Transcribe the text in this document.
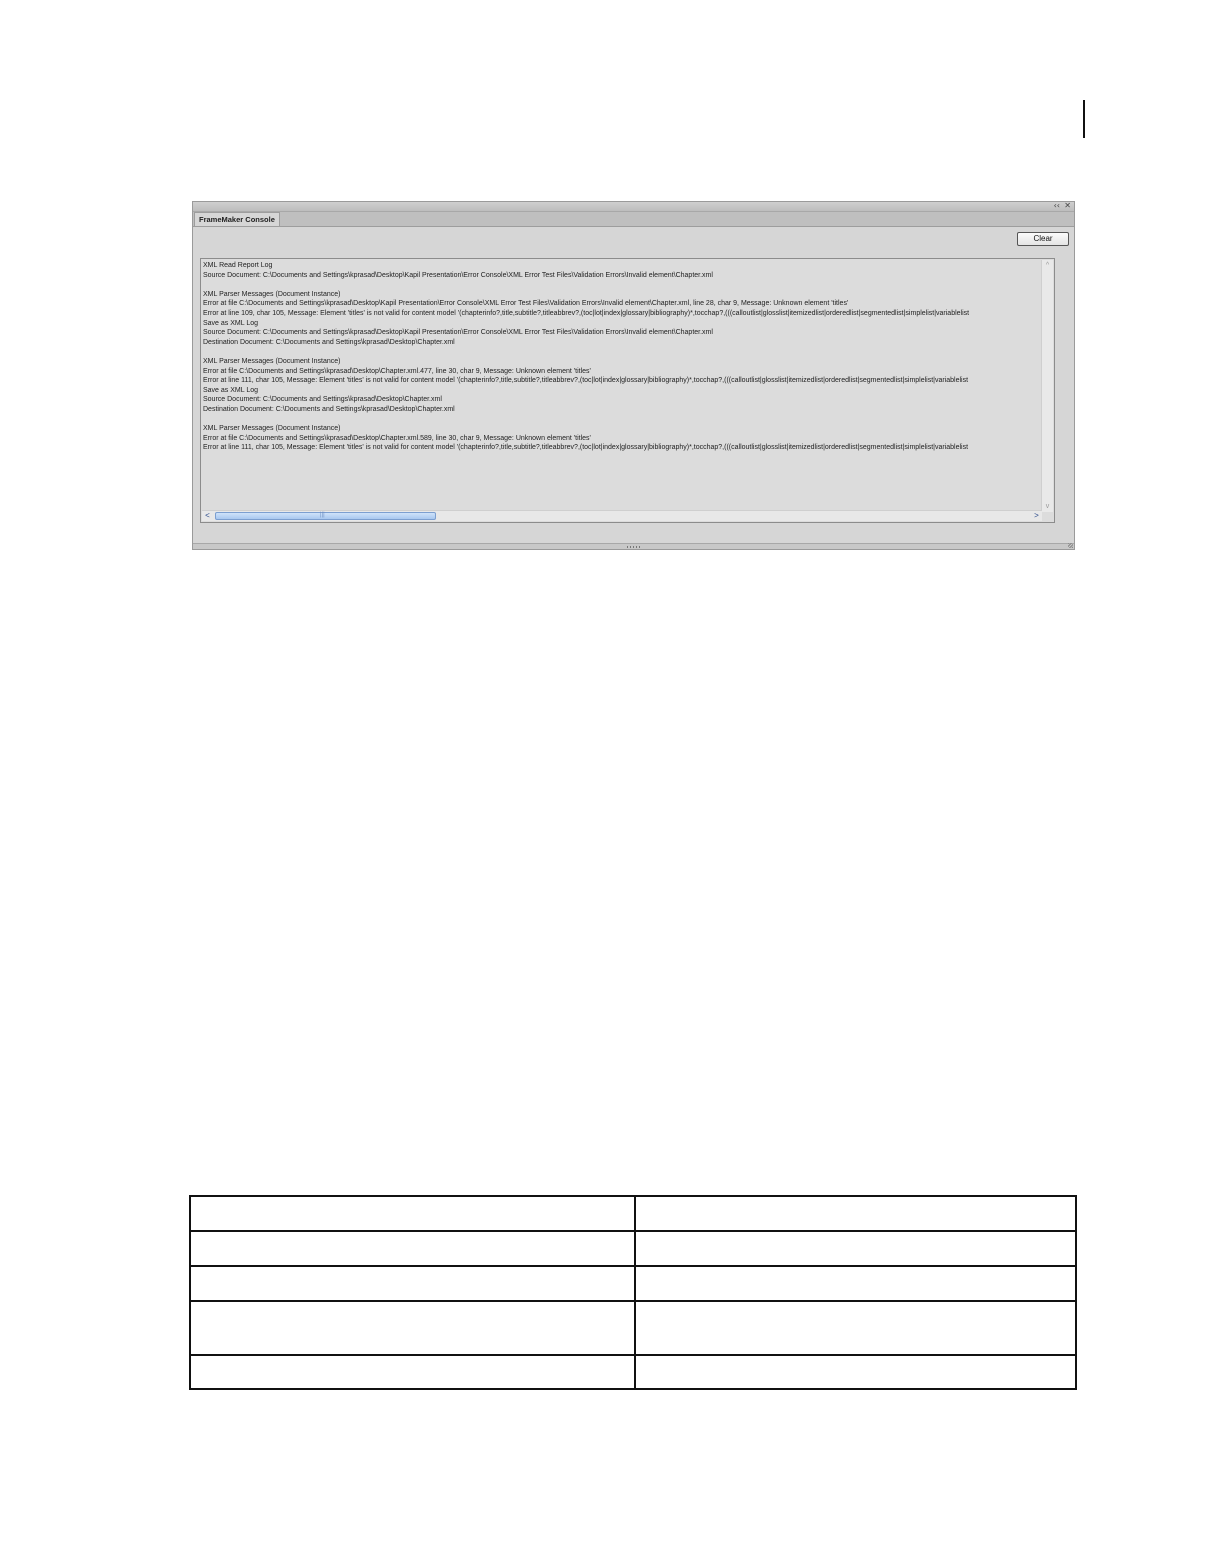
‹‹ ✕
FrameMaker Console
Clear
XML Read Report Log
Source Document: C:\Documents and Settings\kprasad\Desktop\Kapil Presentation\Error Console\XML Error Test Files\Validation Errors\Invalid element\Chapter.xml
XML Parser Messages (Document Instance)
Error at file C:\Documents and Settings\kprasad\Desktop\Kapil Presentation\Error Console\XML Error Test Files\Validation Errors\Invalid element\Chapter.xml, line 28, char 9, Message: Unknown element 'titles'
Error at line 109, char 105, Message: Element 'titles' is not valid for content model '(chapterinfo?,title,subtitle?,titleabbrev?,(toc|lot|index|glossary|bibliography)*,tocchap?,(((calloutlist|glosslist|itemizedlist|orderedlist|segmentedlist|simplelist|variablelist
Save as XML Log
Source Document: C:\Documents and Settings\kprasad\Desktop\Kapil Presentation\Error Console\XML Error Test Files\Validation Errors\Invalid element\Chapter.xml
Destination Document: C:\Documents and Settings\kprasad\Desktop\Chapter.xml
XML Parser Messages (Document Instance)
Error at file C:\Documents and Settings\kprasad\Desktop\Chapter.xml.477, line 30, char 9, Message: Unknown element 'titles'
Error at line 111, char 105, Message: Element 'titles' is not valid for content model '(chapterinfo?,title,subtitle?,titleabbrev?,(toc|lot|index|glossary|bibliography)*,tocchap?,(((calloutlist|glosslist|itemizedlist|orderedlist|segmentedlist|simplelist|variablelist
Save as XML Log
Source Document: C:\Documents and Settings\kprasad\Desktop\Chapter.xml
Destination Document: C:\Documents and Settings\kprasad\Desktop\Chapter.xml
XML Parser Messages (Document Instance)
Error at file C:\Documents and Settings\kprasad\Desktop\Chapter.xml.589, line 30, char 9, Message: Unknown element 'titles'
Error at line 111, char 105, Message: Element 'titles' is not valid for content model '(chapterinfo?,title,subtitle?,titleabbrev?,(toc|lot|index|glossary|bibliography)*,tocchap?,(((calloutlist|glosslist|itemizedlist|orderedlist|segmentedlist|simplelist|variablelist
^
v
<	|||	>
